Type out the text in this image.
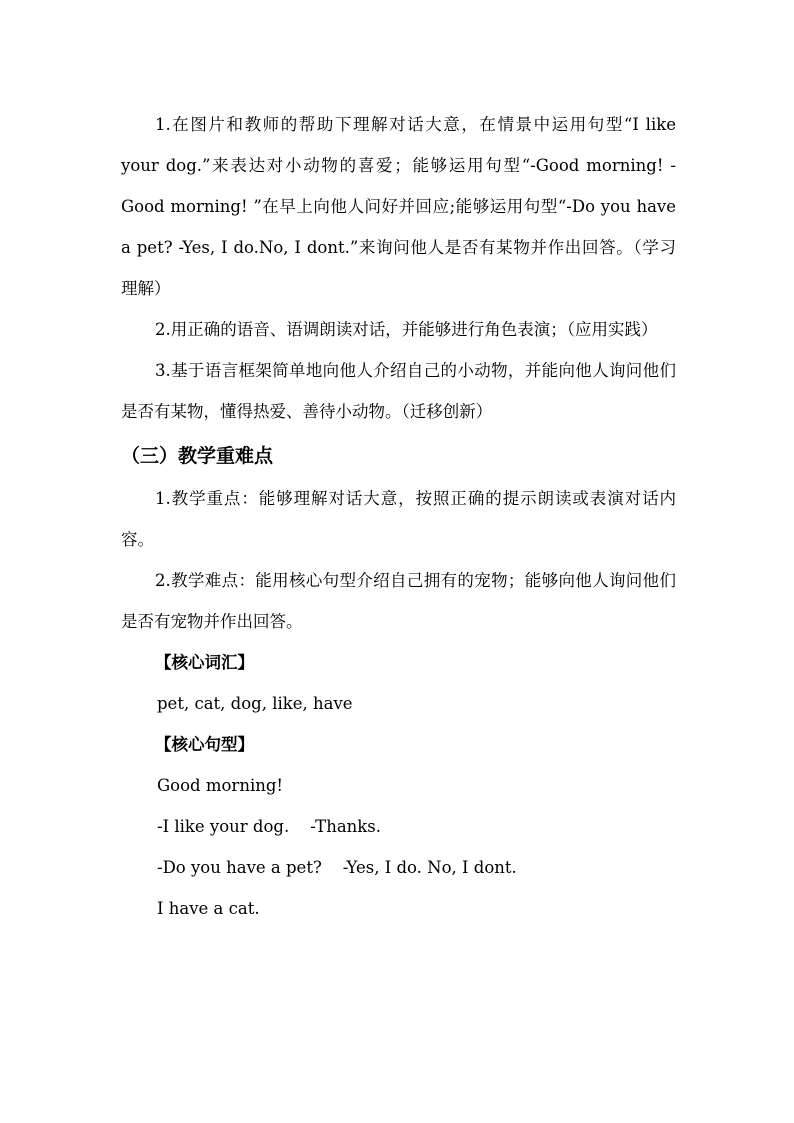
1.在图片和教师的帮助下理解对话大意，在情景中运用句型“I like your dog.”来表达对小动物的喜爱；能够运用句型“-Good morning! -Good morning! ”在早上向他人问好并回应;能够运用句型“-Do you have a pet? -Yes, I do.No, I dont.”来询问他人是否有某物并作出回答。（学习理解）

2.用正确的语音、语调朗读对话，并能够进行角色表演；（应用实践）

3.基于语言框架简单地向他人介绍自己的小动物，并能向他人询问他们是否有某物，懂得热爱、善待小动物。（迁移创新）

（三）教学重难点

1.教学重点：能够理解对话大意，按照正确的提示朗读或表演对话内容。

2.教学难点：能用核心句型介绍自己拥有的宠物；能够向他人询问他们是否有宠物并作出回答。

【核心词汇】

pet, cat, dog, like, have

【核心句型】

Good morning!

-I like your dog.    -Thanks.

-Do you have a pet?    -Yes, I do. No, I dont.

I have a cat.
